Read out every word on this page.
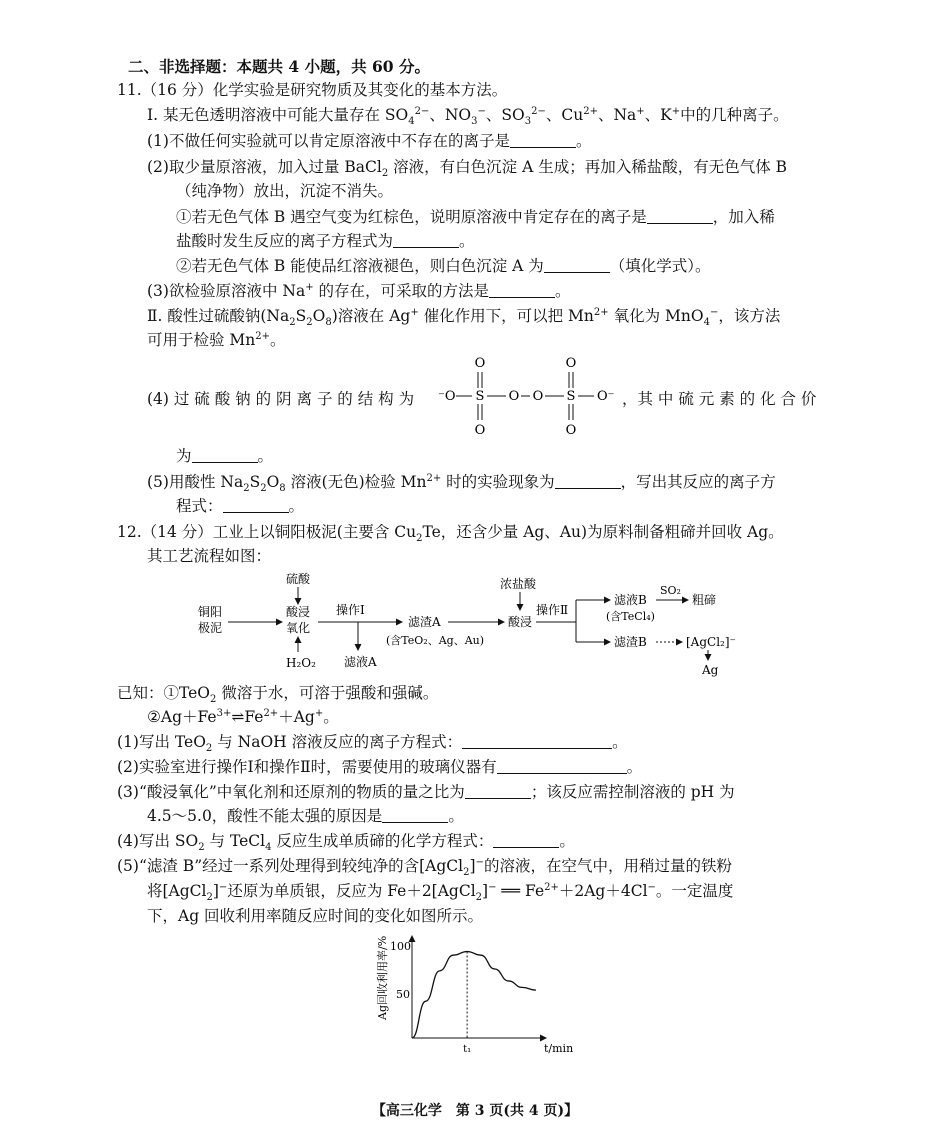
二、非选择题：本题共 4 小题，共 60 分。
11.（16 分）化学实验是研究物质及其变化的基本方法。
Ⅰ. 某无色透明溶液中可能大量存在 $SO_4^{2-}$、$NO_3^-$、$SO_3^{2-}$、$Cu^{2+}$、Na+、K+中的几种离子。
(1)不做任何实验就可以肯定原溶液中不存在的离子是	。
(2)取少量原溶液，加入过量 BaCl$_2$ 溶液，有白色沉淀 A 生成；再加入稀盐酸，有无色气体 B
（纯净物）放出，沉淀不消失。
①若无色气体 B 遇空气变为红棕色，说明原溶液中肯定存在的离子是	，加入稀
盐酸时发生反应的离子方程式为	。
②若无色气体 B 能使品红溶液褪色，则白色沉淀 A 为	（填化学式）。
(3)欲检验原溶液中 Na+ 的存在，可采取的方法是	。
Ⅱ. 酸性过硫酸钠$(Na_2S_2O_8)$溶液在 Ag+ 催化作用下，可以把 $Mn^{2+}$ 氧化为 MnO$_4$−，该方法
可用于检验 $Mn^{2+}$。
(4) 过 硫 酸 钠 的 阴 离 子 的 结 构 为
O	O
⁻O S O O S O⁻
O	O
，其 中 硫 元 素 的 化 合 价
为	。
(5)用酸性 $Na_2S_2O_8$ 溶液(无色)检验 $Mn^{2+}$ 时的实验现象为	，写出其反应的离子方
程式：	。
12.（14 分）工业上以铜阳极泥(主要含 $Cu_2Te$，还含少量 Ag、Au)为原料制备粗碲并回收 Ag。
其工艺流程如图：
铜阳
极泥
硫酸
酸浸
氧化
H₂O₂
操作Ⅰ
滤液A
滤渣A
(含TeO₂、Ag、Au)
浓盐酸
酸浸
操作Ⅱ
滤液B
(含TeCl₄)
SO₂
粗碲
滤渣B	[AgCl₂]⁻
Ag
已知：①TeO$_2$ 微溶于水，可溶于强酸和强碱。
$②Ag+Fe^{3+}\rightleftharpoons Fe^{2+}+Ag^+$。
(1)写出 TeO$_2$ 与 NaOH 溶液反应的离子方程式：	。
(2)实验室进行操作Ⅰ和操作Ⅱ时，需要使用的玻璃仪器有	。
(3)“酸浸氧化”中氧化剂和还原剂的物质的量之比为	；该反应需控制溶液的 pH 为
4.5～5.0，酸性不能太强的原因是	。
(4)写出 $SO_2$ 与 TeCl$_4$ 反应生成单质碲的化学方程式：	。
(5)“滤渣 B”经过一系列处理得到较纯净的含[AgCl$_2$]−的溶液，在空气中，用稍过量的铁粉
将[AgCl$_2$]−还原为单质银，反应为 Fe＋2[AgCl$_2$]− ══ $Fe^{2+}+2Ag+4Cl^-$。一定温度
下，Ag 回收利用率随反应时间的变化如图所示。
Ag回收利用率/% 100
50
t₁	t/min
【高三化学　第 3 页(共 4 页)】
